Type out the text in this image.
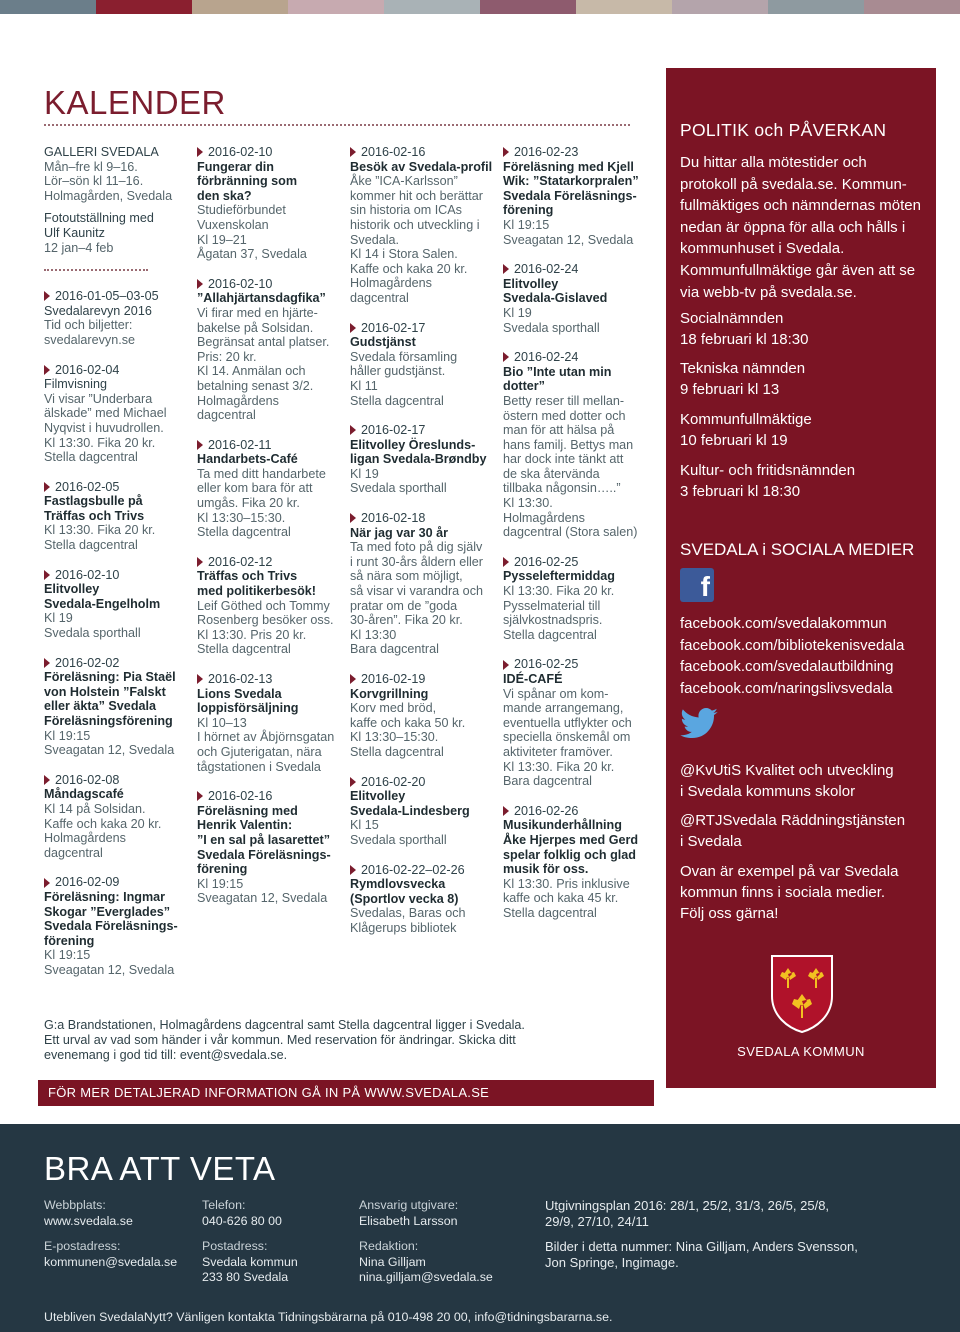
KALENDER
GALLERI SVEDALA
Mån–fre kl 9–16.
Lör–sön kl 11–16.
Holmagården, Svedala
Fotoutställning med
Ulf Kaunitz
12 jan–4 feb
2016-01-05–03-05
Svedalarevyn 2016
Tid och biljetter:
svedalarevyn.se
2016-02-04
Filmvisning
Vi visar ”Underbara
älskade” med Michael
Nyqvist i huvudrollen.
Kl 13:30. Fika 20 kr.
Stella dagcentral
2016-02-05
Fastlagsbulle på
Träffas och Trivs
Kl 13:30. Fika 20 kr.
Stella dagcentral
2016-02-10
Elitvolley
Svedala-Engelholm
Kl 19
Svedala sporthall
2016-02-02
Föreläsning: Pia Staël
von Holstein ”Falskt
eller äkta” Svedala
Föreläsningsförening
Kl 19:15
Sveagatan 12, Svedala
2016-02-08
Måndagscafé
Kl 14 på Solsidan.
Kaffe och kaka 20 kr.
Holmagårdens
dagcentral
2016-02-09
Föreläsning: Ingmar
Skogar ”Everglades”
Svedala Föreläsnings-
förening
Kl 19:15
Sveagatan 12, Svedala
2016-02-10
Fungerar din
förbränning som
den ska?
Studieförbundet
Vuxenskolan
Kl 19–21
Ågatan 37, Svedala
2016-02-10
”Allahjärtansdagfika”
Vi firar med en hjärte-
bakelse på Solsidan.
Begränsat antal platser.
Pris: 20 kr.
Kl 14. Anmälan och
betalning senast 3/2.
Holmagårdens
dagcentral
2016-02-11
Handarbets-Café
Ta med ditt handarbete
eller kom bara för att
umgås. Fika 20 kr.
Kl 13:30–15:30.
Stella dagcentral
2016-02-12
Träffas och Trivs
med politikerbesök!
Leif Göthed och Tommy
Rosenberg besöker oss.
Kl 13:30. Pris 20 kr.
Stella dagcentral
2016-02-13
Lions Svedala
loppisförsäljning
Kl 10–13
I hörnet av Åbjörnsgatan
och Gjuterigatan, nära
tågstationen i Svedala
2016-02-16
Föreläsning med
Henrik Valentin:
”I en sal på lasarettet”
Svedala Föreläsnings-
förening
Kl 19:15
Sveagatan 12, Svedala
2016-02-16
Besök av Svedala-profil
Åke ”ICA-Karlsson”
kommer hit och berättar
sin historia om ICAs
historik och utveckling i
Svedala.
Kl 14 i Stora Salen.
Kaffe och kaka 20 kr.
Holmagårdens
dagcentral
2016-02-17
Gudstjänst
Svedala församling
håller gudstjänst.
Kl 11
Stella dagcentral
2016-02-17
Elitvolley Öreslunds-
ligan Svedala-Brøndby
Kl 19
Svedala sporthall
2016-02-18
När jag var 30 år
Ta med foto på dig själv
i runt 30-års åldern eller
så nära som möjligt,
så visar vi varandra och
pratar om de ”goda
30-åren”. Fika 20 kr.
Kl 13:30
Bara dagcentral
2016-02-19
Korvgrillning
Korv med bröd,
kaffe och kaka 50 kr.
Kl 13:30–15:30.
Stella dagcentral
2016-02-20
Elitvolley
Svedala-Lindesberg
Kl 15
Svedala sporthall
2016-02-22–02-26
Rymdlovsvecka
(Sportlov vecka 8)
Svedalas, Baras och
Klågerups bibliotek
2016-02-23
Föreläsning med Kjell
Wik: ”Statarkorpralen”
Svedala Föreläsnings-
förening
Kl 19:15
Sveagatan 12, Svedala
2016-02-24
Elitvolley
Svedala-Gislaved
Kl 19
Svedala sporthall
2016-02-24
Bio ”Inte utan min
dotter”
Betty reser till mellan-
östern med dotter och
man för att hälsa på
hans familj. Bettys man
har dock inte tänkt att
de ska återvända
tillbaka någonsin…..”
Kl 13:30.
Holmagårdens
dagcentral (Stora salen)
2016-02-25
Pysseleftermiddag
Kl 13:30. Fika 20 kr.
Pysselmaterial till
självkostnadspris.
Stella dagcentral
2016-02-25
IDÉ-CAFÉ
Vi spånar om kom-
mande arrangemang,
eventuella utflykter och
speciella önskemål om
aktiviteter framöver.
Kl 13:30. Fika 20 kr.
Bara dagcentral
2016-02-26
Musikunderhållning
Åke Hjerpes med Gerd
spelar folklig och glad
musik för oss.
Kl 13:30. Pris inklusive
kaffe och kaka 45 kr.
Stella dagcentral
POLITIK och PÅVERKAN
Du hittar alla mötestider och protokoll på svedala.se. Kommun-fullmäktiges och nämndernas möten nedan är öppna för alla och hålls i kommunhuset i Svedala. Kommunfullmäktige går även att se via webb-tv på svedala.se.
Socialnämnden
18 februari kl 18:30
Tekniska nämnden
9 februari kl 13
Kommunfullmäktige
10 februari kl 19
Kultur- och fritidsnämnden
3 februari kl 18:30
SVEDALA i SOCIALA MEDIER
f
facebook.com/svedalakommun
facebook.com/bibliotekenisvedala
facebook.com/svedalautbildning
facebook.com/naringslivsvedala
@KvUtiS Kvalitet och utveckling
i Svedala kommuns skolor
@RTJSvedala Räddningstjänsten
i Svedala
Ovan är exempel på var Svedala
kommun finns i sociala medier.
Följ oss gärna!
SVEDALA KOMMUN
G:a Brandstationen, Holmagårdens dagcentral samt Stella dagcentral ligger i Svedala.
Ett urval av vad som händer i vår kommun. Med reservation för ändringar. Skicka ditt
evenemang i god tid till: event@svedala.se.
FÖR MER DETALJERAD INFORMATION GÅ IN PÅ WWW.SVEDALA.SE
BRA ATT VETA
Webbplats:
www.svedala.se
E-postadress:
kommunen@svedala.se
Telefon:
040-626 80 00
Postadress:
Svedala kommun
233 80 Svedala
Ansvarig utgivare:
Elisabeth Larsson
Redaktion:
Nina Gilljam
nina.gilljam@svedala.se
Utgivningsplan 2016: 28/1, 25/2, 31/3, 26/5, 25/8,
29/9, 27/10, 24/11
Bilder i detta nummer: Nina Gilljam, Anders Svensson,
Jon Springe, Ingimage.
Utebliven SvedalaNytt? Vänligen kontakta Tidningsbärarna på 010-498 20 00, info@tidningsbararna.se.
